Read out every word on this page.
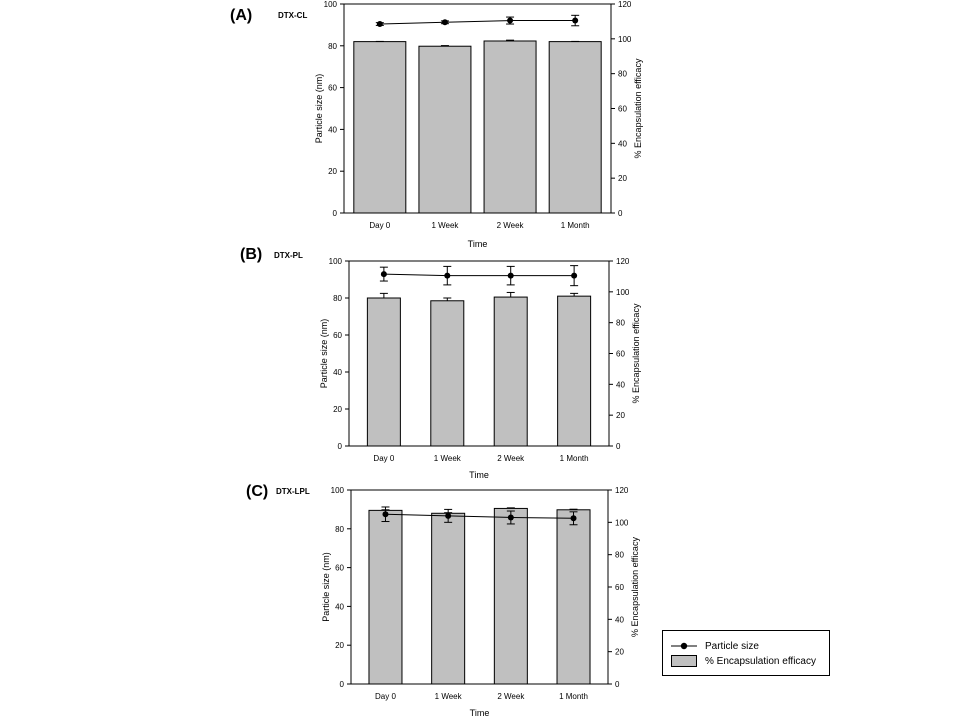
(A)	DTX-CL
(B) DTX-PL
(C) DTX-LPL
0
20
40
60
80
100
0
20
40
60
80
100
120
Day 0	1 Week	2 Week	1 Month
Time
Particle size (nm)	% Encapsulation efficacy
0
20
40
60
80
100
0
20
40
60
80
100
120
Day 0	1 Week	2 Week	1 Month
Time
Particle size (nm)	% Encapsulation efficacy
0
20
40
60
80
100
0
20
40
60
80
100
120
Day 0	1 Week	2 Week	1 Month
Time
Particle size (nm)	% Encapsulation efficacy
Particle size
% Encapsulation efficacy
